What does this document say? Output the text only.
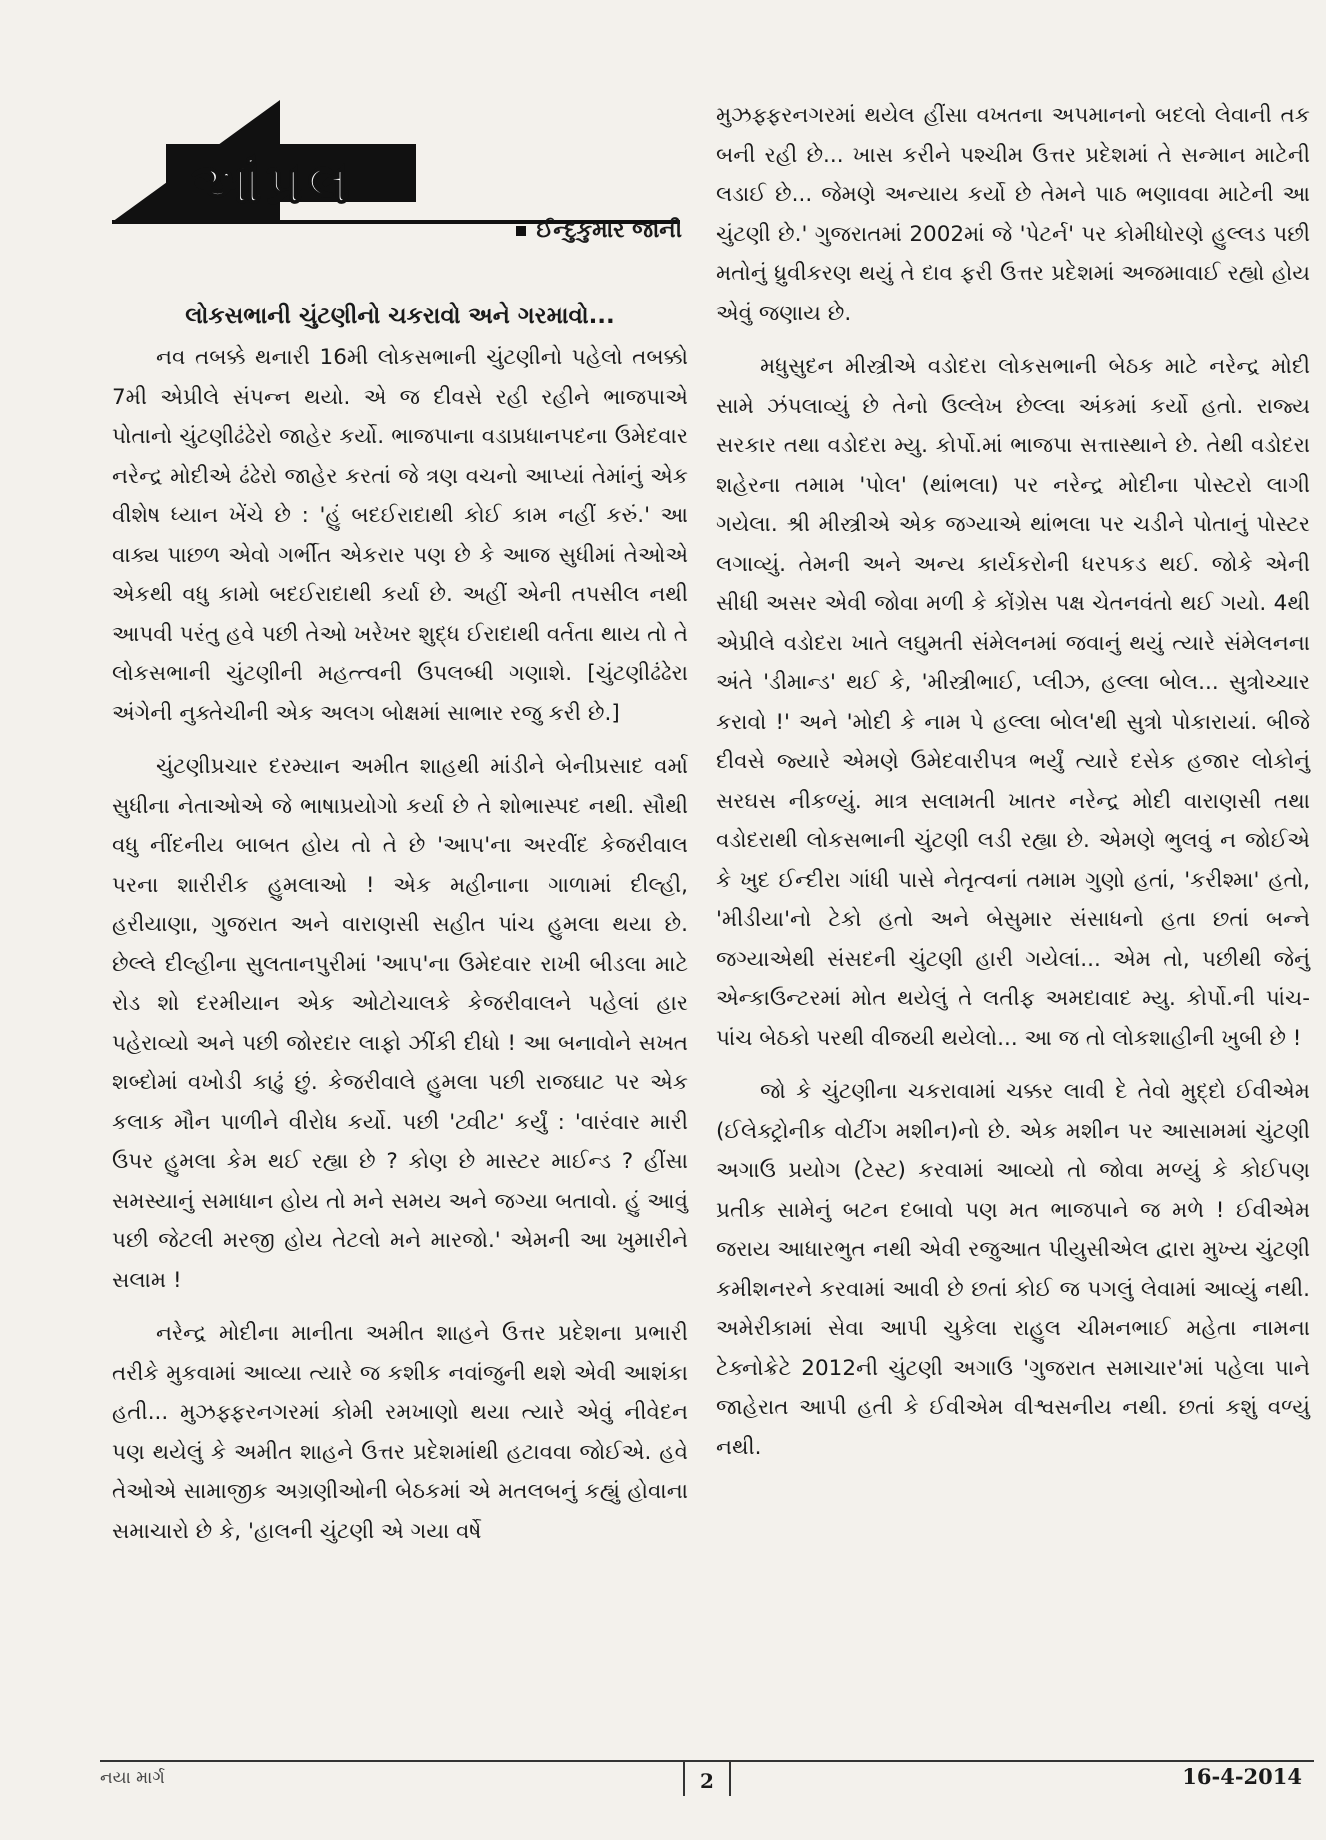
આંપ્રલ
ઈન્દુકુમાર જાની
લોકસભાની ચુંટણીનો ચકરાવો અને ગરમાવો...

નવ તબક્કે થનારી 16મી લોકસભાની ચુંટણીનો પહેલો તબક્કો 7મી એપ્રીલે સંપન્ન થયો. એ જ દીવસે રહી રહીને ભાજપાએ પોતાનો ચુંટણીઢંઢેરો જાહેર કર્યો. ભાજપાના વડાપ્રધાનપદના ઉમેદવાર નરેન્દ્ર મોદીએ ઢંઢેરો જાહેર કરતાં જે ત્રણ વચનો આપ્યાં તેમાંનું એક વીશેષ ધ્યાન ખેંચે છે : 'હું બદઈરાદાથી કોઈ કામ નહીં કરું.' આ વાક્ય પાછળ એવો ગર્ભીત એકરાર પણ છે કે આજ સુધીમાં તેઓએ એકથી વધુ કામો બદઈરાદાથી કર્યા છે. અહીં એની તપસીલ નથી આપવી પરંતુ હવે પછી તેઓ ખરેખર શુદ્ધ ઈરાદાથી વર્તતા થાય તો તે લોકસભાની ચુંટણીની મહત્ત્વની ઉપલબ્ધી ગણાશે. [ચુંટણીઢંઢેરા અંગેની નુક્તેચીની એક અલગ બોક્ષમાં સાભાર રજુ કરી છે.]

ચુંટણીપ્રચાર દરમ્યાન અમીત શાહથી માંડીને બેનીપ્રસાદ વર્મા સુધીના નેતાઓએ જે ભાષાપ્રયોગો કર્યા છે તે શોભાસ્પદ નથી. સૌથી વધુ નીંદનીય બાબત હોય તો તે છે 'આપ'ના અરવીંદ કેજરીવાલ પરના શારીરીક હુમલાઓ ! એક મહીનાના ગાળામાં દીલ્હી, હરીયાણા, ગુજરાત અને વારાણસી સહીત પાંચ હુમલા થયા છે. છેલ્લે દીલ્હીના સુલતાનપુરીમાં 'આપ'ના ઉમેદવાર રાખી બીડલા માટે રોડ શો દરમીયાન એક ઓટોચાલકે કેજરીવાલને પહેલાં હાર પહેરાવ્યો અને પછી જોરદાર લાફો ઝીંકી દીધો ! આ બનાવોને સખત શબ્દોમાં વખોડી કાઢું છું. કેજરીવાલે હુમલા પછી રાજઘાટ પર એક કલાક મૌન પાળીને વીરોધ કર્યો. પછી 'ટ્વીટ' કર્યું : 'વારંવાર મારી ઉપર હુમલા કેમ થઈ રહ્યા છે ? કોણ છે માસ્ટર માઈન્ડ ? હીંસા સમસ્યાનું સમાધાન હોય તો મને સમય અને જગ્યા બતાવો. હું આવું પછી જેટલી મરજી હોય તેટલો મને મારજો.' એમની આ ખુમારીને સલામ !

નરેન્દ્ર મોદીના માનીતા અમીત શાહને ઉત્તર પ્રદેશના પ્રભારી તરીકે મુકવામાં આવ્યા ત્યારે જ કશીક નવાંજુની થશે એવી આશંકા હતી... મુઝફ્ફરનગરમાં કોમી રમખાણો થયા ત્યારે એવું નીવેદન પણ થયેલું કે અમીત શાહને ઉત્તર પ્રદેશમાંથી હટાવવા જોઈએ. હવે તેઓએ સામાજીક અગ્રણીઓની બેઠકમાં એ મતલબનું કહ્યું હોવાના સમાચારો છે કે, 'હાલની ચુંટણી એ ગયા વર્ષે

મુઝફ્ફરનગરમાં થયેલ હીંસા વખતના અપમાનનો બદલો લેવાની તક બની રહી છે... ખાસ કરીને પશ્ચીમ ઉત્તર પ્રદેશમાં તે સન્માન માટેની લડાઈ છે... જેમણે અન્યાય કર્યો છે તેમને પાઠ ભણાવવા માટેની આ ચુંટણી છે.' ગુજરાતમાં 2002માં જે 'પેટર્ન' પર કોમીધોરણે હુલ્લડ પછી મતોનું ધ્રુવીકરણ થયું તે દાવ ફરી ઉત્તર પ્રદેશમાં અજમાવાઈ રહ્યો હોય એવું જણાય છે.

મધુસુદન મીસ્ત્રીએ વડોદરા લોકસભાની બેઠક માટે નરેન્દ્ર મોદી સામે ઝંપલાવ્યું છે તેનો ઉલ્લેખ છેલ્લા અંકમાં કર્યો હતો. રાજ્ય સરકાર તથા વડોદરા મ્યુ. કોર્પો.માં ભાજપા સત્તાસ્થાને છે. તેથી વડોદરા શહેરના તમામ 'પોલ' (થાંભલા) પર નરેન્દ્ર મોદીના પોસ્ટરો લાગી ગયેલા. શ્રી મીસ્ત્રીએ એક જગ્યાએ થાંભલા પર ચડીને પોતાનું પોસ્ટર લગાવ્યું. તેમની અને અન્ય કાર્યકરોની ધરપકડ થઈ. જોકે એની સીધી અસર એવી જોવા મળી કે કોંગ્રેસ પક્ષ ચેતનવંતો થઈ ગયો. 4થી એપ્રીલે વડોદરા ખાતે લઘુમતી સંમેલનમાં જવાનું થયું ત્યારે સંમેલનના અંતે 'ડીમાન્ડ' થઈ કે, 'મીસ્ત્રીભાઈ, પ્લીઝ, હલ્લા બોલ... સુત્રોચ્ચાર કરાવો !' અને 'મોદી કે નામ પે હલ્લા બોલ'થી સુત્રો પોકારાયાં. બીજે દીવસે જ્યારે એમણે ઉમેદવારીપત્ર ભર્યું ત્યારે દસેક હજાર લોકોનું સરઘસ નીકળ્યું. માત્ર સલામતી ખાતર નરેન્દ્ર મોદી વારાણસી તથા વડોદરાથી લોકસભાની ચુંટણી લડી રહ્યા છે. એમણે ભુલવું ન જોઈએ કે ખુદ ઈન્દીરા ગાંધી પાસે નેતૃત્વનાં તમામ ગુણો હતાં, 'કરીશ્મા' હતો, 'મીડીયા'નો ટેકો હતો અને બેસુમાર સંસાધનો હતા છતાં બન્ને જગ્યાએથી સંસદની ચુંટણી હારી ગયેલાં... એમ તો, પછીથી જેનું એન્કાઉન્ટરમાં મોત થયેલું તે લતીફ અમદાવાદ મ્યુ. કોર્પો.ની પાંચ-પાંચ બેઠકો પરથી વીજયી થયેલો... આ જ તો લોકશાહીની ખુબી છે !

જો કે ચુંટણીના ચકરાવામાં ચક્કર લાવી દે તેવો મુદ્દો ઈવીએમ (ઈલેક્ટ્રોનીક વોટીંગ મશીન)નો છે. એક મશીન પર આસામમાં ચુંટણી અગાઉ પ્રયોગ (ટેસ્ટ) કરવામાં આવ્યો તો જોવા મળ્યું કે કોઈપણ પ્રતીક સામેનું બટન દબાવો પણ મત ભાજપાને જ મળે ! ઈવીએમ જરાય આધારભુત નથી એવી રજુઆત પીયુસીએલ દ્વારા મુખ્ય ચુંટણી કમીશનરને કરવામાં આવી છે છતાં કોઈ જ પગલું લેવામાં આવ્યું નથી. અમેરીકામાં સેવા આપી ચુકેલા રાહુલ ચીમનભાઈ મહેતા નામના ટેક્નોક્રેટે 2012ની ચુંટણી અગાઉ 'ગુજરાત સમાચાર'માં પહેલા પાને જાહેરાત આપી હતી કે ઈવીએમ વીશ્વસનીય નથી. છતાં કશું વળ્યું નથી.

નયા માર્ગ	2	16-4-2014
